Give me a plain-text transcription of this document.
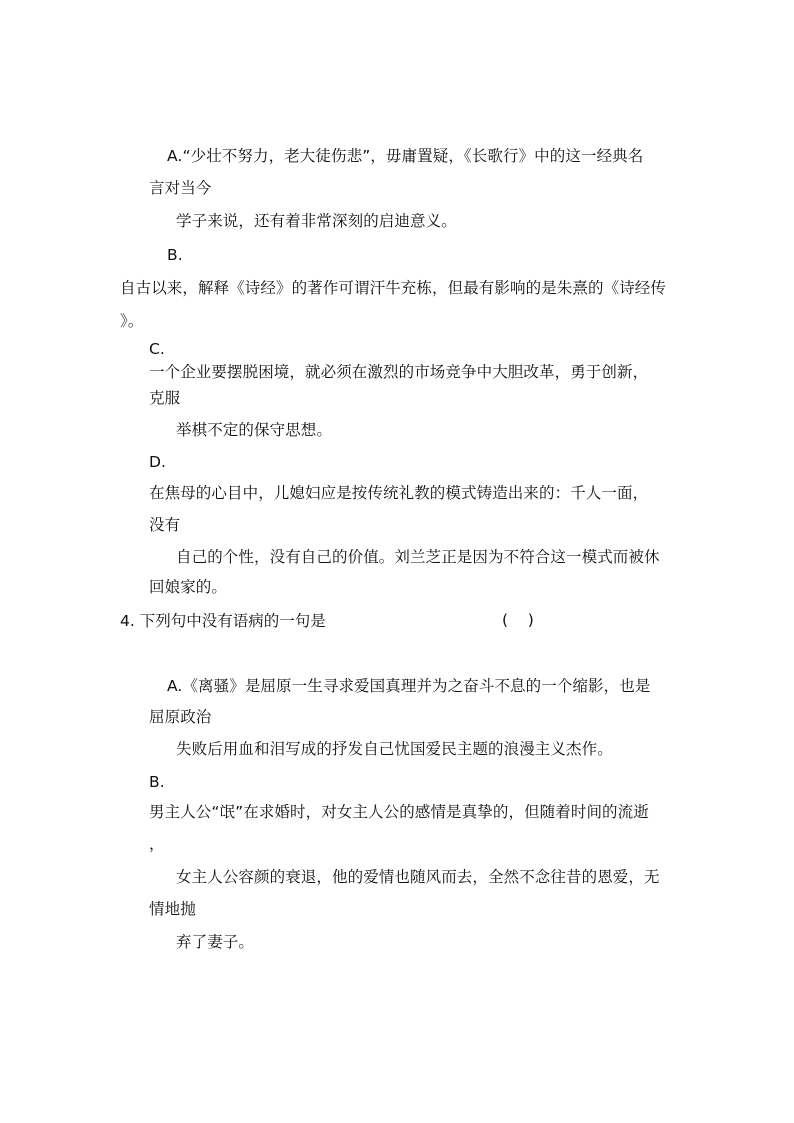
A.“少壮不努力，老大徒伤悲”，毋庸置疑，《长歌行》中的这一经典名
言对当今
学子来说，还有着非常深刻的启迪意义。
B.
自古以来，解释《诗经》的著作可谓汗牛充栋，但最有影响的是朱熹的《诗经传
》。
C.
一个企业要摆脱困境，就必须在激烈的市场竞争中大胆改革，勇于创新，
克服
举棋不定的保守思想。
D.
在焦母的心目中，儿媳妇应是按传统礼教的模式铸造出来的：千人一面，
没有
自己的个性，没有自己的价值。刘兰芝正是因为不符合这一模式而被休
回娘家的。
4. 下列句中没有语病的一句是	(    )
A.《离骚》是屈原一生寻求爱国真理并为之奋斗不息的一个缩影，也是
屈原政治
失败后用血和泪写成的抒发自己忧国爱民主题的浪漫主义杰作。
B.
男主人公“氓”在求婚时，对女主人公的感情是真挚的，但随着时间的流逝
，
女主人公容颜的衰退，他的爱情也随风而去，全然不念往昔的恩爱，无
情地抛
弃了妻子。
